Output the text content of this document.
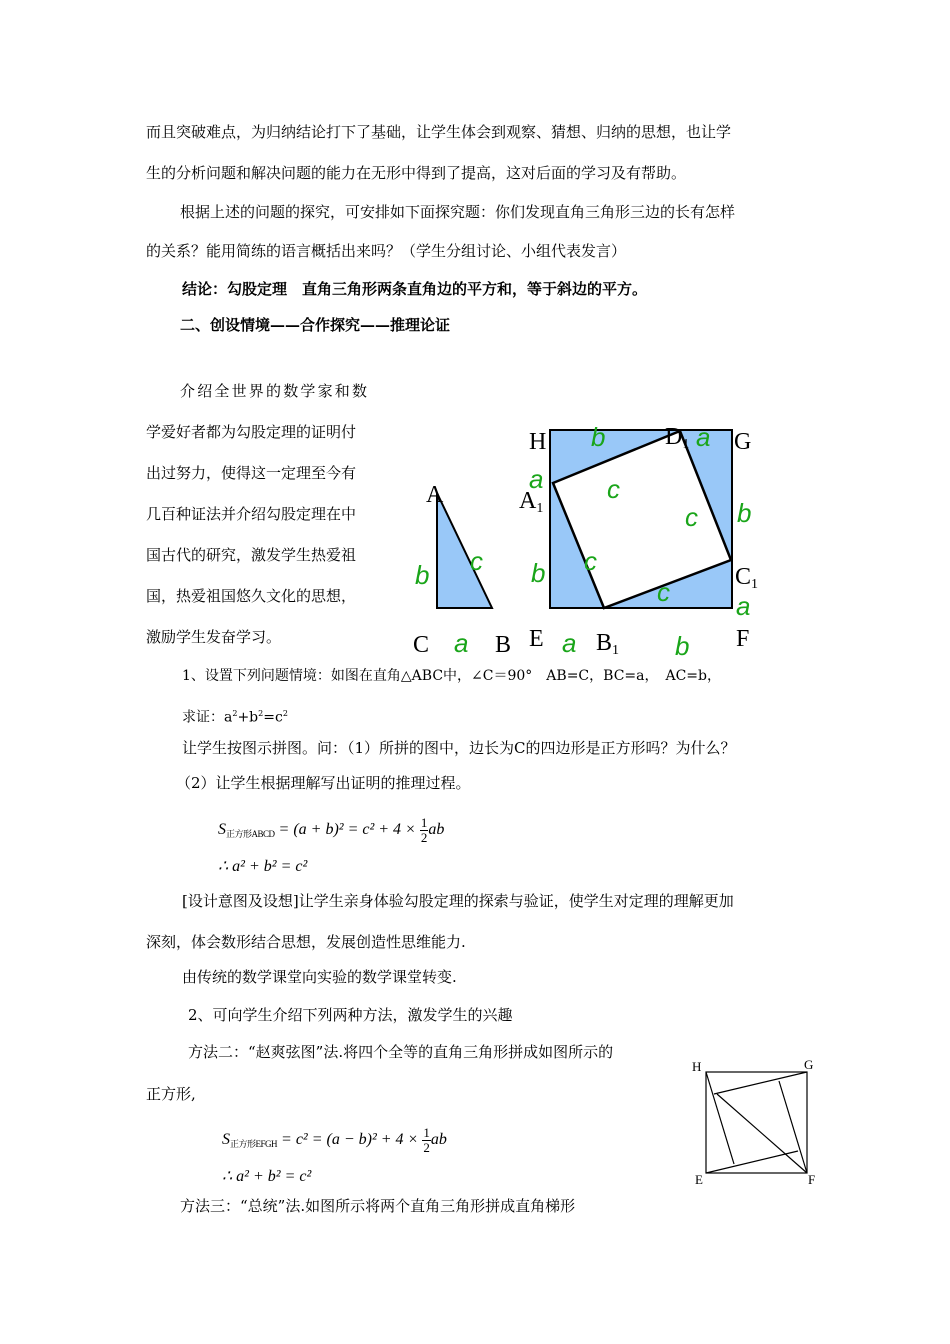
而且突破难点，为归纳结论打下了基础，让学生体会到观察、猜想、归纳的思想，也让学
生的分析问题和解决问题的能力在无形中得到了提高，这对后面的学习及有帮助。
根据上述的问题的探究，可安排如下面探究题：你们发现直角三角形三边的长有怎样
的关系？能用简练的语言概括出来吗？（学生分组讨论、小组代表发言）
结论：勾股定理　直角三角形两条直角边的平方和，等于斜边的平方。
二、创设情境——合作探究——推理论证
介绍全世界的数学家和数
学爱好者都为勾股定理的证明付
出过努力，使得这一定理至今有
几百种证法并介绍勾股定理在中
国古代的研究，激发学生热爱祖
国，热爱祖国悠久文化的思想，
激励学生发奋学习。
A
C	B
b c
a
H	G
E	F
D1
A1
B1
C1
b	a
a c
c b
b c
c	a
a	b
1、设置下列问题情境：如图在直角△ABC中，∠C＝90°　AB=C，BC=a，　AC=b，
求证：$a^2+b^2=c^2$
让学生按图示拼图。问：（1）所拼的图中，边长为C的四边形是正方形吗？为什么？
（2）让学生根据理解写出证明的推理过程。
$S_{正方形ABCD} = (a + b)^2 = c^2 + 4 \times \frac{1}{2}$ ab
∴ a² + b² = c²
[设计意图及设想]让学生亲身体验勾股定理的探索与验证，使学生对定理的理解更加
深刻，体会数形结合思想，发展创造性思维能力.
由传统的数学课堂向实验的数学课堂转变.
2、可向学生介绍下列两种方法，激发学生的兴趣
方法二：“赵爽弦图”法.将四个全等的直角三角形拼成如图所示的
正方形,
$S_{正方形EFGH} = c^2 = (a - b)^2 + 4 \times \frac{1}{2}$ ab
∴ a² + b² = c²
方法三：“总统”法.如图所示将两个直角三角形拼成直角梯形
H	G
E	F
